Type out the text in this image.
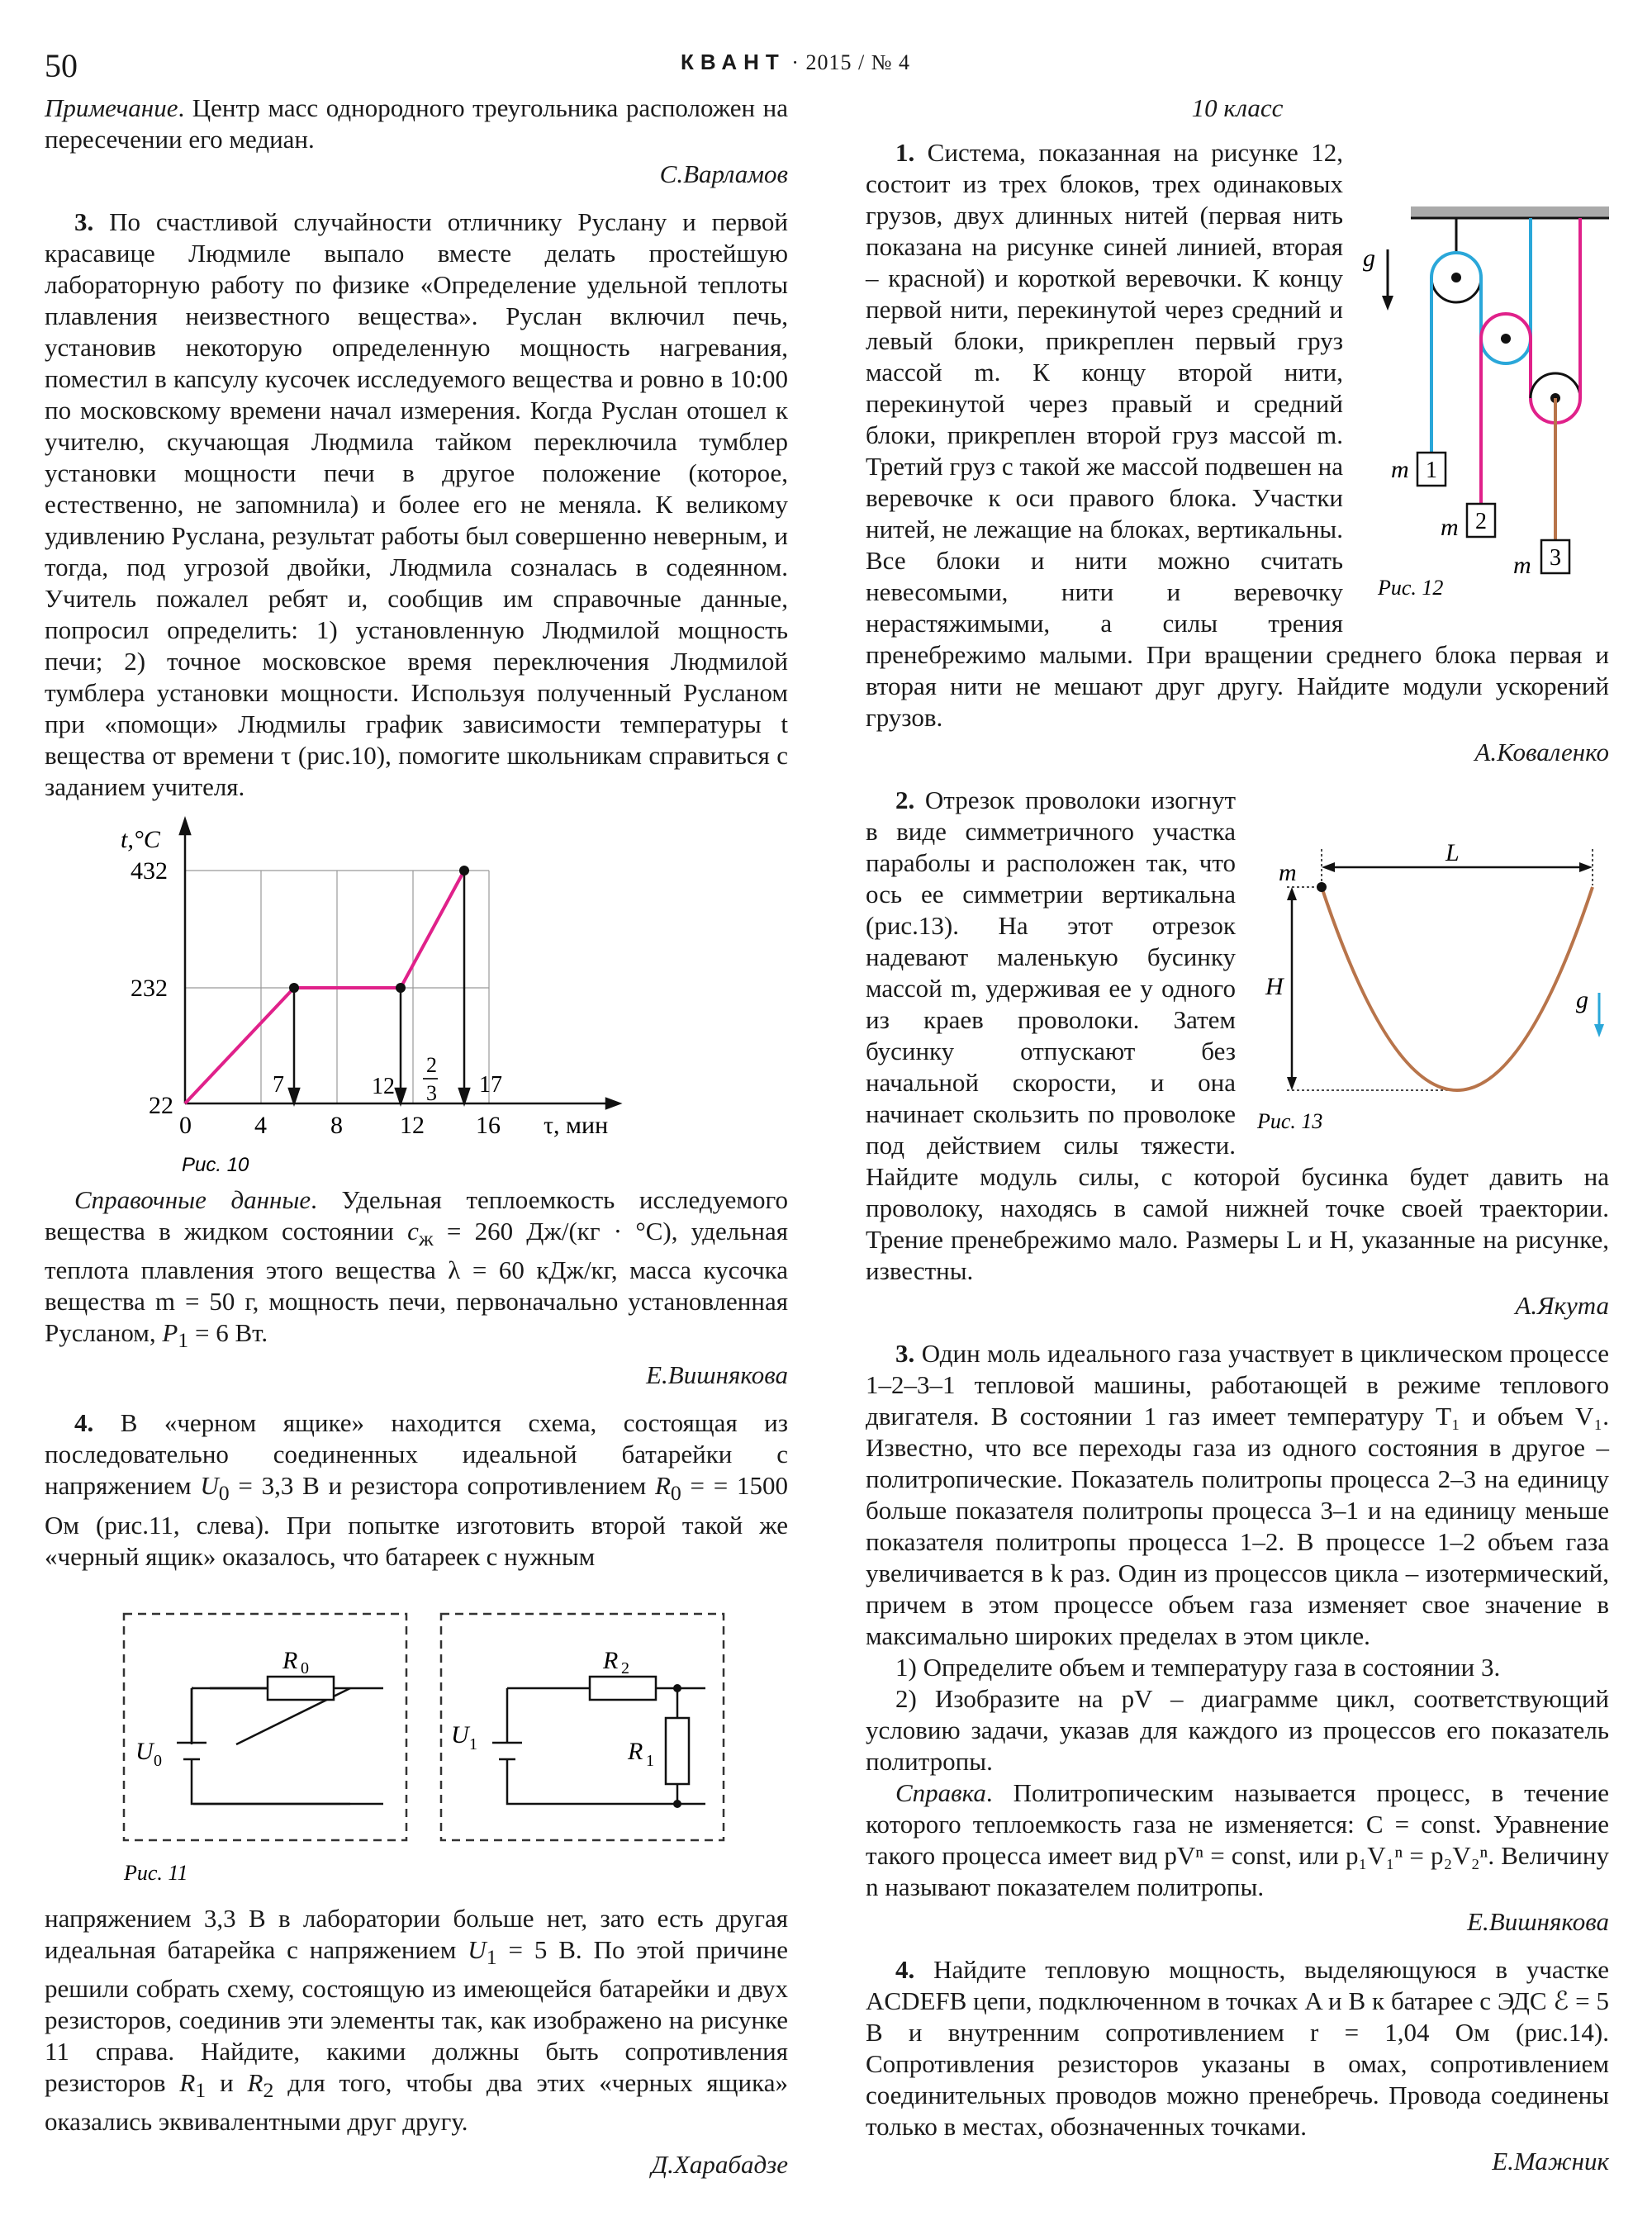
50	КВАНТ · 2015 / № 4

Примечание. Центр масс однородного треугольника расположен на пересечении его медиан.

С.Варламов

3. По счастливой случайности отличнику Руслану и первой красавице Людмиле выпало вместе делать простейшую лабораторную работу по физике «Определение удельной теплоты плавления неизвестного вещества». Руслан включил печь, установив некоторую определенную мощность нагревания, поместил в капсулу кусочек исследуемого вещества и ровно в 10:00 по московскому времени начал измерения. Когда Руслан отошел к учителю, скучающая Людмила тайком переключила тумблер установки мощности печи в другое положение (которое, естественно, не запомнила) и более его не меняла. К великому удивлению Руслана, результат работы был совершенно неверным, и тогда, под угрозой двойки, Людмила созналась в содеянном. Учитель пожалел ребят и, сообщив им справочные данные, попросил определить: 1) установленную Людмилой мощность печи; 2) точное московское время переключения Людмилой тумблера установки мощности. Используя полученный Русланом при «помощи» Людмилы график зависимости температуры t вещества от времени τ (рис.10), помогите школьникам справиться с заданием учителя.

t,°C
432
232
22
0	4	8 12 16 τ, мин
7	12
2
3 17
Рис. 10

Справочные данные. Удельная теплоемкость исследуемого вещества в жидком состоянии $c_ж = 260$ Дж/(кг · °С), удельная теплота плавления этого вещества λ = 60 кДж/кг, масса кусочка вещества m = 50 г, мощность печи, первоначально установленная Русланом, $P_1 = 6$ Вт.

Е.Вишнякова

4. В «черном ящике» находится схема, состоящая из последовательно соединенных идеальной батарейки с напряжением $U_0 = 3,3$ В и резистора сопротивлением $R_0$ = = 1500 Ом (рис.11, слева). При попытке изготовить второй такой же «черный ящик» оказалось, что батареек с нужным

R 0
U 0
R 2
U 1	R 1
Рис. 11

напряжением 3,3 В в лаборатории больше нет, зато есть другая идеальная батарейка с напряжением $U_1 = 5$ В. По этой причине решили собрать схему, состоящую из имеющейся батарейки и двух резисторов, соединив эти элементы так, как изображено на рисунке 11 справа. Найдите, какими должны быть сопротивления резисторов $R_1$ и $R_2$ для того, чтобы два этих «черных ящика» оказались эквивалентными друг другу.

Д.Харабадзе
10 класс
g
1
m
2
m
3
m
Рис. 12

1. Система, показанная на рисунке 12, состоит из трех блоков, трех одинаковых грузов, двух длинных нитей (первая нить показана на рисунке синей линией, вторая – красной) и короткой веревочки. К концу первой нити, перекинутой через средний и левый блоки, прикреплен первый груз массой m. К концу второй нити, перекинутой через правый и средний блоки, прикреплен второй груз массой m. Третий груз с такой же массой подвешен на веревочке к оси правого блока. Участки нитей, не лежащие на блоках, вертикальны. Все блоки и нити можно считать невесомыми, нити и веревочку нерастяжимыми, а силы трения пренебрежимо малыми. При вращении среднего блока первая и вторая нити не мешают друг другу. Найдите модули ускорений грузов.

А.Коваленко
L
m
H	g
Рис. 13

2. Отрезок проволоки изогнут в виде симметричного участка параболы и расположен так, что ось ее симметрии вертикальна (рис.13). На этот отрезок надевают маленькую бусинку массой m, удерживая ее у одного из краев проволоки. Затем бусинку отпускают без начальной скорости, и она начинает скользить по проволоке под действием силы тяжести. Найдите модуль силы, с которой бусинка будет давить на проволоку, находясь в самой нижней точке своей траектории. Трение пренебрежимо мало. Размеры L и H, указанные на рисунке, известны.

А.Якута

3. Один моль идеального газа участвует в циклическом процессе 1–2–3–1 тепловой машины, работающей в режиме теплового двигателя. В состоянии 1 газ имеет температуру T₁ и объем V₁. Известно, что все переходы газа из одного состояния в другое – политропические. Показатель политропы процесса 2–3 на единицу больше показателя политропы процесса 3–1 и на единицу меньше показателя политропы процесса 1–2. В процессе 1–2 объем газа увеличивается в k раз. Один из процессов цикла – изотермический, причем в этом процессе объем газа изменяет свое значение в максимально широких пределах в этом цикле.

1) Определите объем и температуру газа в состоянии 3.

2) Изобразите на pV – диаграмме цикл, соответствующий условию задачи, указав для каждого из процессов его показатель политропы.

Справка. Политропическим называется процесс, в течение которого теплоемкость газа не изменяется: C = const. Уравнение такого процесса имеет вид pVⁿ = const, или p₁V₁ⁿ = p₂V₂ⁿ. Величину n называют показателем политропы.

Е.Вишнякова

4. Найдите тепловую мощность, выделяющуюся в участке ACDEFB цепи, подключенном в точках A и B к батарее с ЭДС ℰ = 5 В и внутренним сопротивлением r = 1,04 Ом (рис.14). Сопротивления резисторов указаны в омах, сопротивлением соединительных проводов можно пренебречь. Провода соединены только в местах, обозначенных точками.

Е.Мажник
